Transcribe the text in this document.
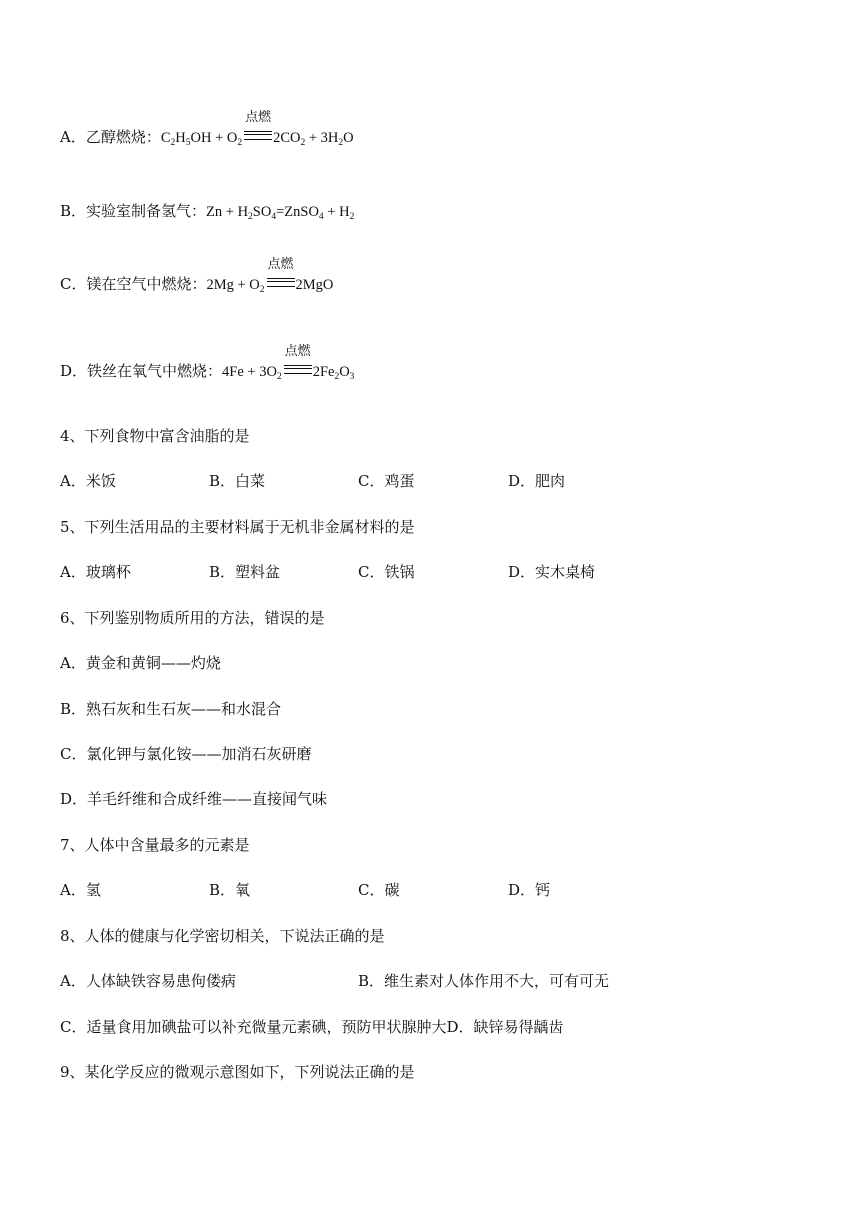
A．乙醇燃烧：$C_2H_5OH + O_2$
点燃
$2CO_2 + 3H_2O$
B．实验室制备氢气：$Zn + H_2SO_4=ZnSO_4 + H_2$
C．镁在空气中燃烧：$2Mg + O_2$
点燃
2MgO
D．铁丝在氧气中燃烧：$4Fe + 3O_2$
点燃
$2Fe_2O_3$
4、下列食物中富含油脂的是
A．米饭	B．白菜	C．鸡蛋	D．肥肉
5、下列生活用品的主要材料属于无机非金属材料的是
A．玻璃杯	B．塑料盆	C．铁锅	D．实木桌椅
6、下列鉴别物质所用的方法，错误的是
A．黄金和黄铜——灼烧
B．熟石灰和生石灰——和水混合
C．氯化钾与氯化铵——加消石灰研磨
D．羊毛纤维和合成纤维——直接闻气味
7、人体中含量最多的元素是
A．氢	B．氧	C．碳	D．钙
8、人体的健康与化学密切相关，下说法正确的是
A．人体缺铁容易患佝偻病	B．维生素对人体作用不大，可有可无
C．适量食用加碘盐可以补充微量元素碘，预防甲状腺肿大D．缺锌易得龋齿
9、某化学反应的微观示意图如下，下列说法正确的是
